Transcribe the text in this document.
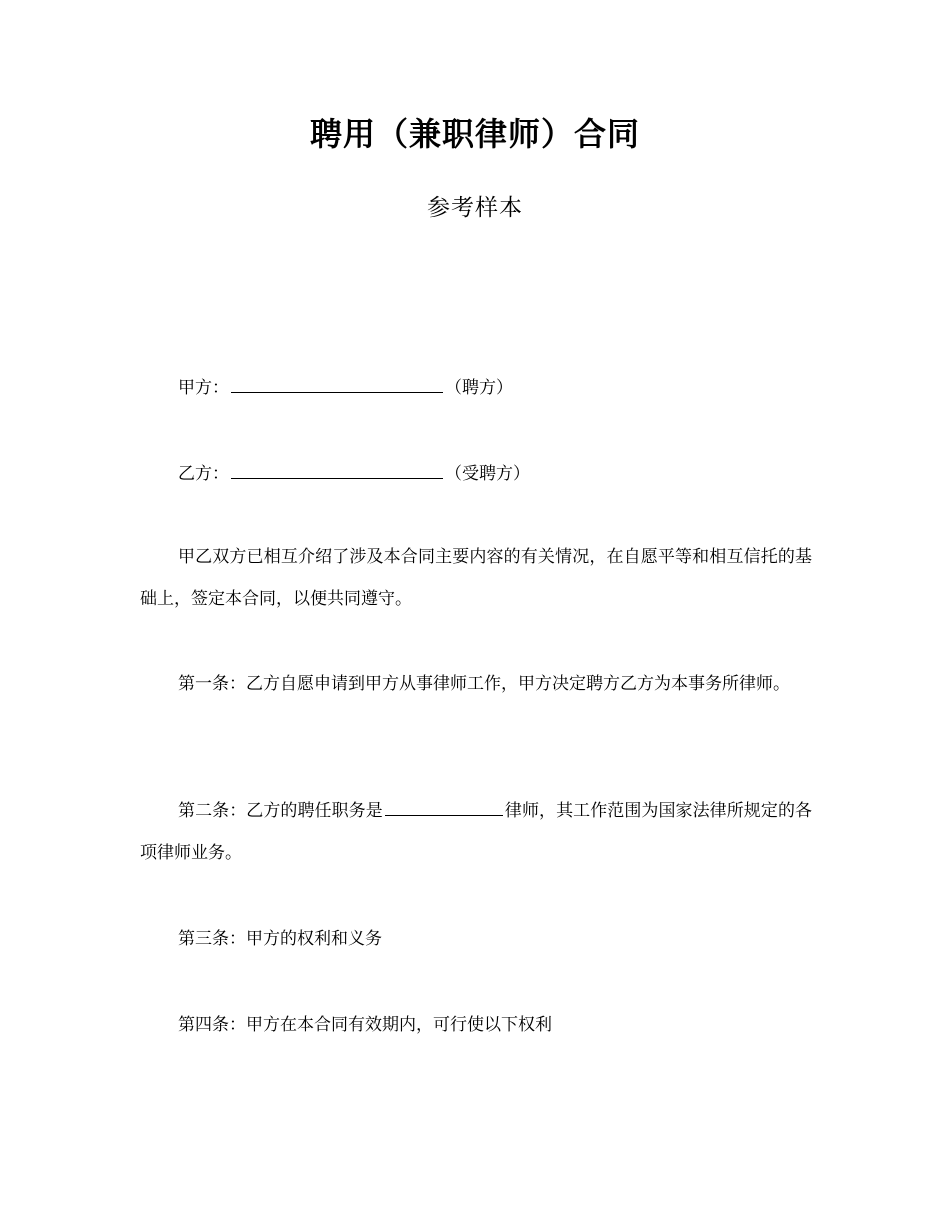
聘用（兼职律师）合同
参考样本
甲方：	（聘方）
乙方：	（受聘方）
甲乙双方已相互介绍了涉及本合同主要内容的有关情况，在自愿平等和相互信托的基础上，签定本合同，以便共同遵守。
第一条：乙方自愿申请到甲方从事律师工作，甲方决定聘方乙方为本事务所律师。
第二条：乙方的聘任职务是	律师，其工作范围为国家法律所规定的各项律师业务。
第三条：甲方的权利和义务
第四条：甲方在本合同有效期内，可行使以下权利
